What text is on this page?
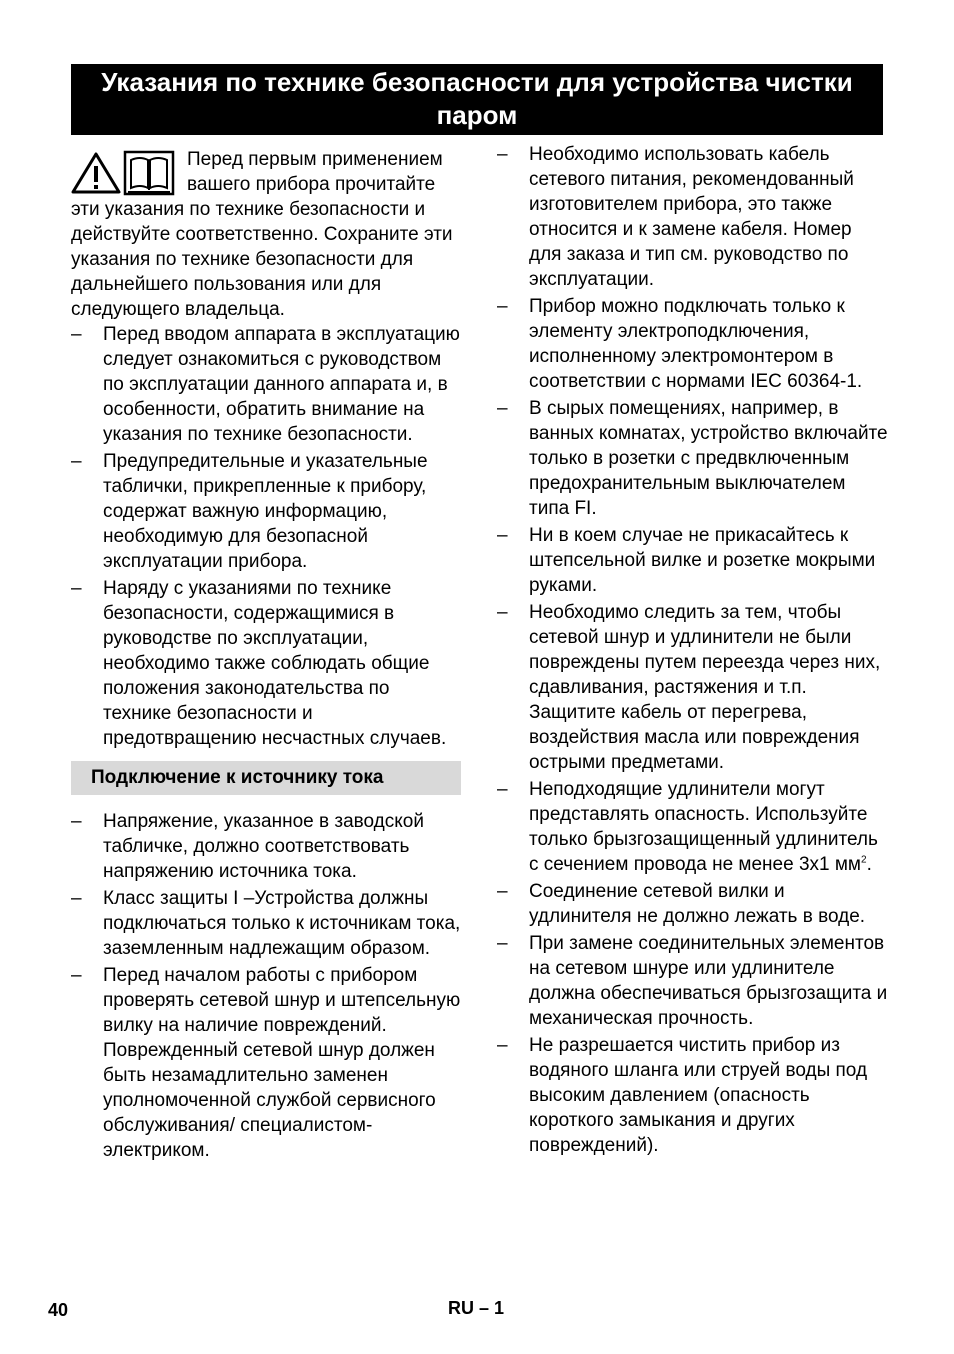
Указания по технике безопасности для устройства чистки
паром
Перед первым применением вашего прибора прочитайте эти указания по технике безопасности и действуйте соответственно. Сохраните эти указания по технике безопасности для дальнейшего пользования или для следующего владельца.
–	Перед вводом аппарата в эксплуатацию следует ознакомиться с руководством по эксплуатации данного аппарата и, в особенности, обратить внимание на указания по технике безопасности.
–	Предупредительные и указательные таблички, прикрепленные к прибору, содержат важную информацию, необходимую для безопасной эксплуатации прибора.
–	Наряду с указаниями по технике безопасности, содержащимися в руководстве по эксплуатации, необходимо также соблюдать общие положения законодательства по технике безопасности и предотвращению несчастных случаев.
Подключение к источнику тока
–	Напряжение, указанное в заводской табличке, должно соответствовать напряжению источника тока.
–	Класс защиты I –Устройства должны подключаться только к источникам тока, заземленным надлежащим образом.
–	Перед началом работы с прибором проверять сетевой шнур и штепсельную вилку на наличие повреждений. Поврежденный сетевой шнур должен быть незамадлительно заменен уполномоченной службой сервисного обслуживания/ специалистом-электриком.
–	Необходимо использовать кабель сетевого питания, рекомендованный изготовителем прибора, это также относится и к замене кабеля. Номер для заказа и тип см. руководство по эксплуатации.
–	Прибор можно подключать только к элементу электроподключения, исполненному электромонтером в соответствии с нормами IEC 60364-1.
–	В сырых помещениях, например, в ванных комнатах, устройство включайте только в розетки с предвключенным предохранительным выключателем типа FI.
–	Ни в коем случае не прикасайтесь к штепсельной вилке и розетке мокрыми руками.
–	Необходимо следить за тем, чтобы сетевой шнур и удлинители не были повреждены путем переезда через них, сдавливания, растяжения и т.п. Защитите кабель от перегрева, воздействия масла или повреждения острыми предметами.
–	Неподходящие удлинители могут представлять опасность. Используйте только брызгозащищенный удлинитель с сечением провода не менее 3x1 $мм^2$.
–	Соединение сетевой вилки и удлинителя не должно лежать в воде.
–	При замене соединительных элементов на сетевом шнуре или удлинителе должна обеспечиваться брызгозащита и механическая прочность.
–	Не разрешается чистить прибор из водяного шланга или струей воды под высоким давлением (опасность короткого замыкания и других повреждений).
40	RU – 1
